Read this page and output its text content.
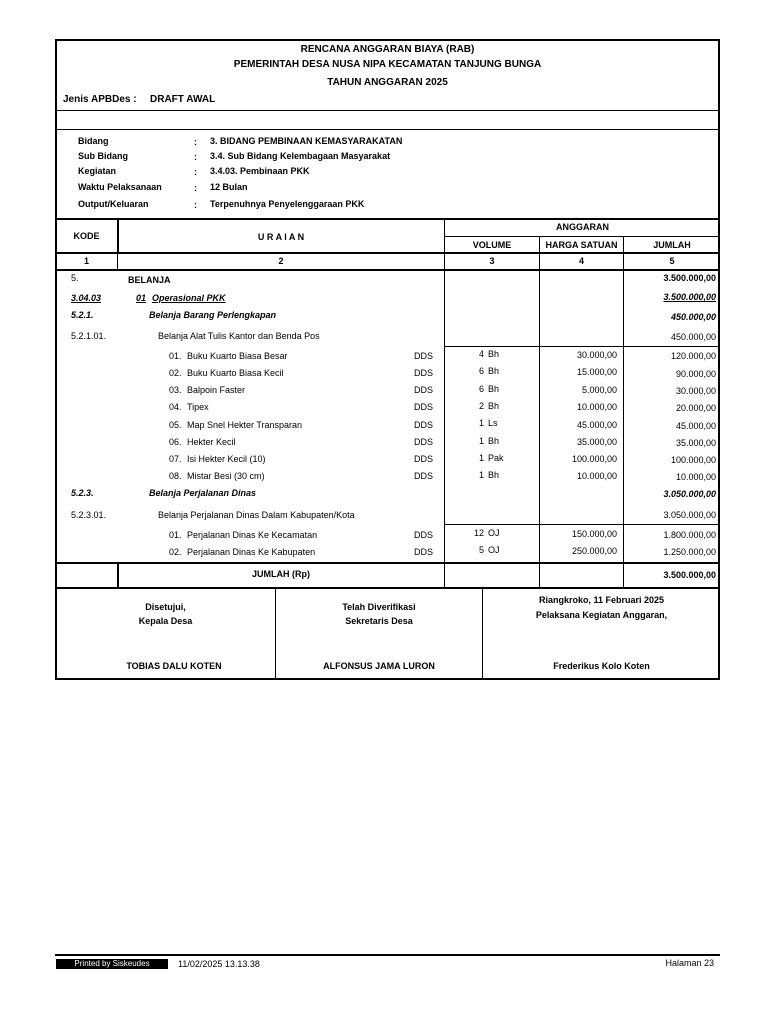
RENCANA ANGGARAN BIAYA (RAB)
PEMERINTAH DESA NUSA NIPA KECAMATAN TANJUNG BUNGA
TAHUN ANGGARAN 2025
Jenis APBDes : DRAFT AWAL
Bidang	: 3. BIDANG PEMBINAAN KEMASYARAKATAN
Sub Bidang	: 3.4. Sub Bidang Kelembagaan Masyarakat
Kegiatan	: 3.4.03. Pembinaan PKK
Waktu Pelaksanaan	: 12 Bulan
Output/Keluaran	: Terpenuhnya Penyelenggaraan PKK
KODE	U R A I A N
ANGGARAN
VOLUME	HARGA SATUAN	JUMLAH
1	2	3	4	5
5.	BELANJA	3.500.000,00
3.04.03	01 Operasional PKK	3.500.000,00
5.2.1.	Belanja Barang Perlengkapan	450.000,00
5.2.1.01.	Belanja Alat Tulis Kantor dan Benda Pos	450.000,00
01. Buku Kuarto Biasa Besar	DDS	4 Bh	30.000,00	120.000,00
02. Buku Kuarto Biasa Kecil	DDS	6 Bh	15.000,00	90.000,00
03. Balpoin Faster	DDS	6 Bh	5.000,00	30.000,00
04. Tipex	DDS	2 Bh	10.000,00	20.000,00
05. Map Snel Hekter Transparan	DDS	1 Ls	45.000,00	45.000,00
06. Hekter Kecil	DDS	1 Bh	35.000,00	35.000,00
07. Isi Hekter Kecil (10)	DDS	1 Pak	100.000,00	100.000,00
08. Mistar Besi (30 cm)	DDS	1 Bh	10.000,00	10.000,00
5.2.3.	Belanja Perjalanan Dinas	3.050.000,00
5.2.3.01.	Belanja Perjalanan Dinas Dalam Kabupaten/Kota	3.050.000,00
01. Perjalanan Dinas Ke Kecamatan	DDS	12 OJ	150.000,00	1.800.000,00
02. Perjalanan Dinas Ke Kabupaten	DDS	5 OJ	250.000,00	1.250.000,00
JUMLAH (Rp)	3.500.000,00
Disetujui,
Kepala Desa
TOBIAS DALU KOTEN
Telah Diverifikasi
Sekretaris Desa
ALFONSUS JAMA LURON
Riangkroko, 11 Februari 2025
Pelaksana Kegiatan Anggaran,
Frederikus Kolo Koten
Printed by Siskeudes	11/02/2025 13.13.38	Halaman 23
